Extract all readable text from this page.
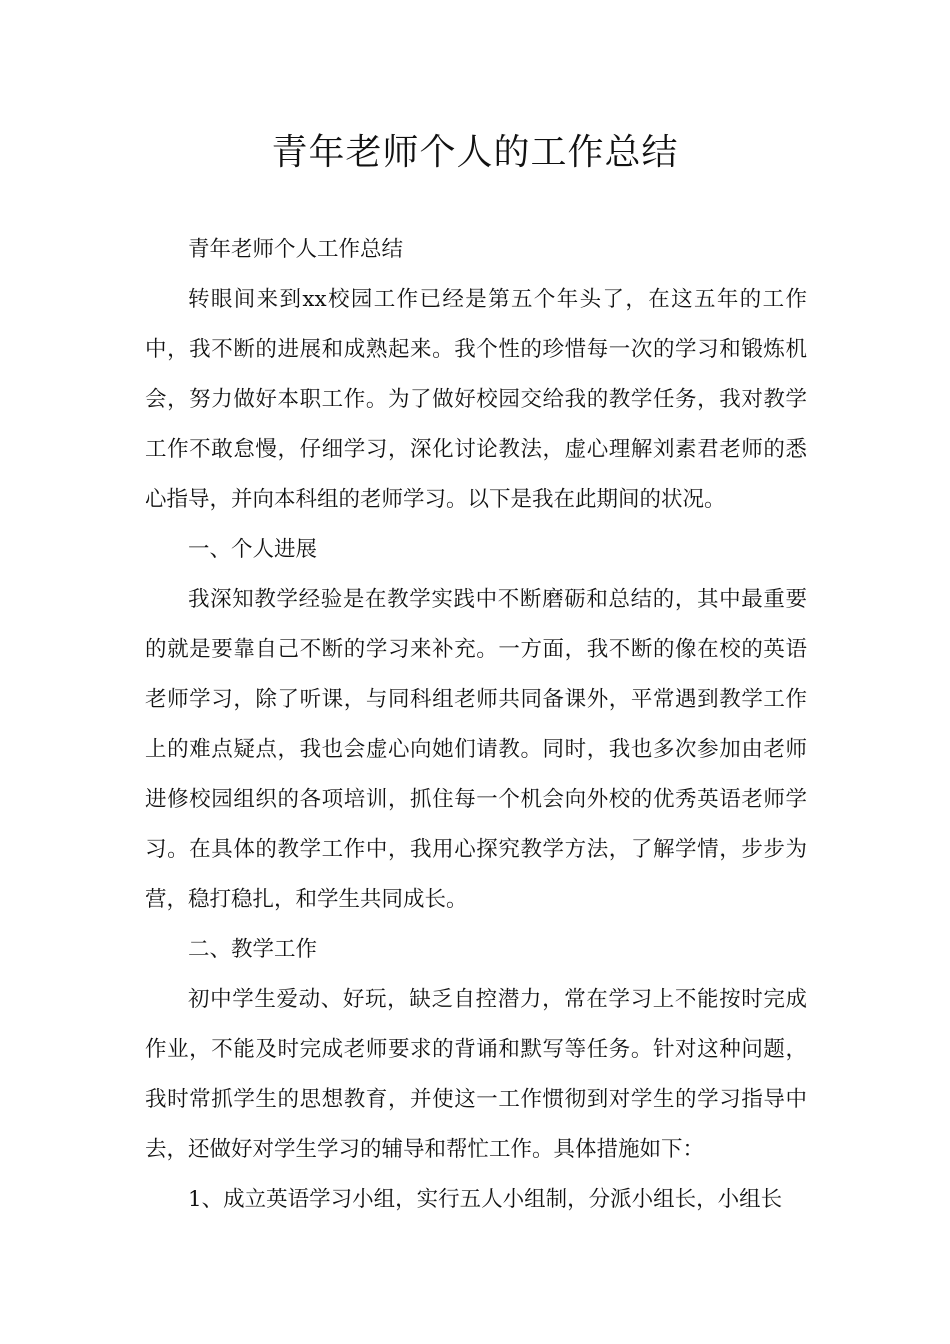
青年老师个人的工作总结

青年老师个人工作总结

转眼间来到xx校园工作已经是第五个年头了，在这五年的工作中，我不断的进展和成熟起来。我个性的珍惜每一次的学习和锻炼机会，努力做好本职工作。为了做好校园交给我的教学任务，我对教学工作不敢怠慢，仔细学习，深化讨论教法，虚心理解刘素君老师的悉心指导，并向本科组的老师学习。以下是我在此期间的状况。

一、个人进展

我深知教学经验是在教学实践中不断磨砺和总结的，其中最重要的就是要靠自己不断的学习来补充。一方面，我不断的像在校的英语老师学习，除了听课，与同科组老师共同备课外，平常遇到教学工作上的难点疑点，我也会虚心向她们请教。同时，我也多次参加由老师进修校园组织的各项培训，抓住每一个机会向外校的优秀英语老师学习。在具体的教学工作中，我用心探究教学方法，了解学情，步步为营，稳打稳扎，和学生共同成长。

二、教学工作

初中学生爱动、好玩，缺乏自控潜力，常在学习上不能按时完成作业，不能及时完成老师要求的背诵和默写等任务。针对这种问题，我时常抓学生的思想教育，并使这一工作惯彻到对学生的学习指导中去，还做好对学生学习的辅导和帮忙工作。具体措施如下：

1、成立英语学习小组，实行五人小组制，分派小组长，小组长
